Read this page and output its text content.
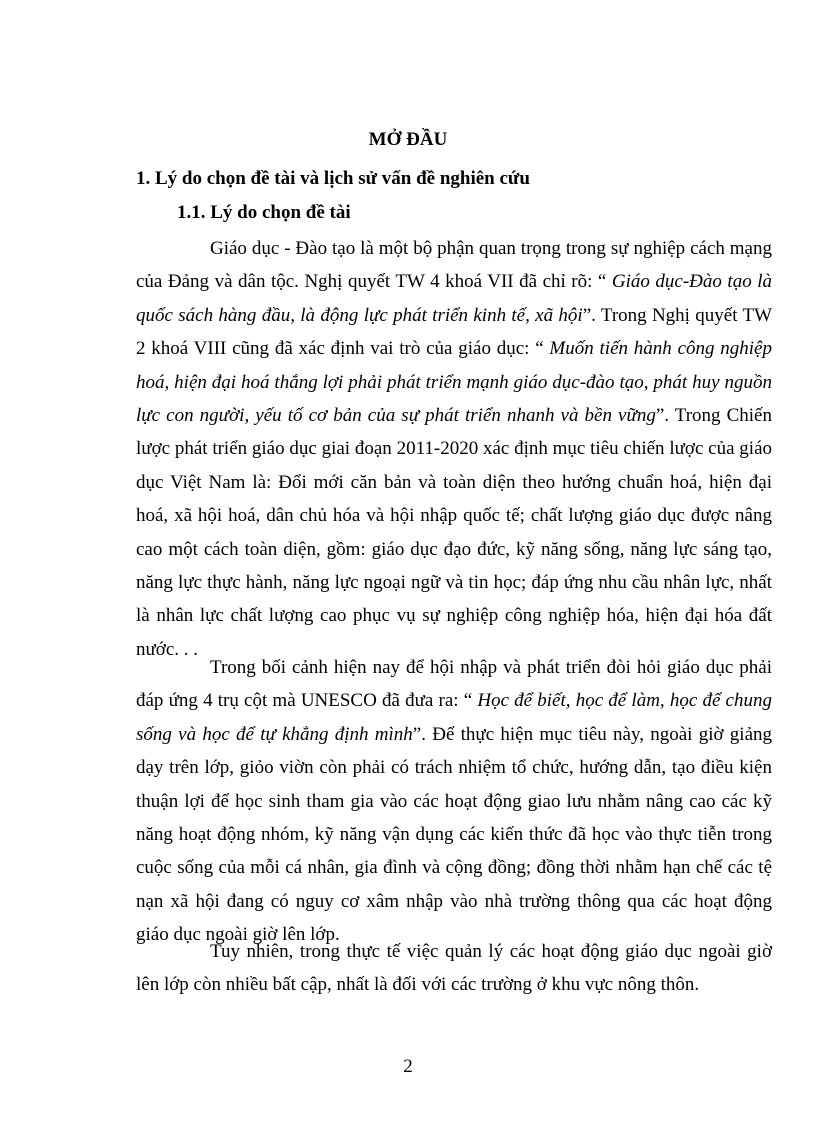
MỞ ĐẦU
1. Lý do chọn đề tài và lịch sử vấn đề nghiên cứu
1.1. Lý do chọn đề tài

Giáo dục - Đào tạo là một bộ phận quan trọng trong sự nghiệp cách mạng của Đảng và dân tộc. Nghị quyết TW 4 khoá VII đã chỉ rõ: “ Giáo dục-Đào tạo là quốc sách hàng đầu, là động lực phát triển kinh tế, xã hội”. Trong Nghị quyết TW 2 khoá VIII cũng đã xác định vai trò của giáo dục: “ Muốn tiến hành công nghiệp hoá, hiện đại hoá thắng lợi phải phát triển mạnh giáo dục-đào tạo, phát huy nguồn lực con người, yếu tố cơ bản của sự phát triển nhanh và bền vững”. Trong Chiến lược phát triển giáo dục giai đoạn 2011-2020 xác định mục tiêu chiến lược của giáo dục Việt Nam là: Đổi mới căn bản và toàn diện theo hướng chuẩn hoá, hiện đại hoá, xã hội hoá, dân chủ hóa và hội nhập quốc tế; chất lượng giáo dục được nâng cao một cách toàn diện, gồm: giáo dục đạo đức, kỹ năng sống, năng lực sáng tạo, năng lực thực hành, năng lực ngoại ngữ và tin học; đáp ứng nhu cầu nhân lực, nhất là nhân lực chất lượng cao phục vụ sự nghiệp công nghiệp hóa, hiện đại hóa đất nước. . .

Trong bối cảnh hiện nay để hội nhập và phát triển đòi hỏi giáo dục phải đáp ứng 4 trụ cột mà UNESCO đã đưa ra: “ Học để biết, học để làm, học để chung sống và học để tự khẳng định mình”. Để thực hiện mục tiêu này, ngoài giờ giảng dạy trên lớp, giỏo viờn còn phải có trách nhiệm tổ chức, hướng dẫn, tạo điều kiện thuận lợi để học sinh tham gia vào các hoạt động giao lưu nhằm nâng cao các kỹ năng hoạt động nhóm, kỹ năng vận dụng các kiến thức đã học vào thực tiễn trong cuộc sống của mỗi cá nhân, gia đình và cộng đồng; đồng thời nhằm hạn chế các tệ nạn xã hội đang có nguy cơ xâm nhập vào nhà trường thông qua các hoạt động giáo dục ngoài giờ lên lớp.

Tuy nhiên, trong thực tế việc quản lý các hoạt động giáo dục ngoài giờ lên lớp còn nhiều bất cập, nhất là đối với các trường ở khu vực nông thôn.

2
